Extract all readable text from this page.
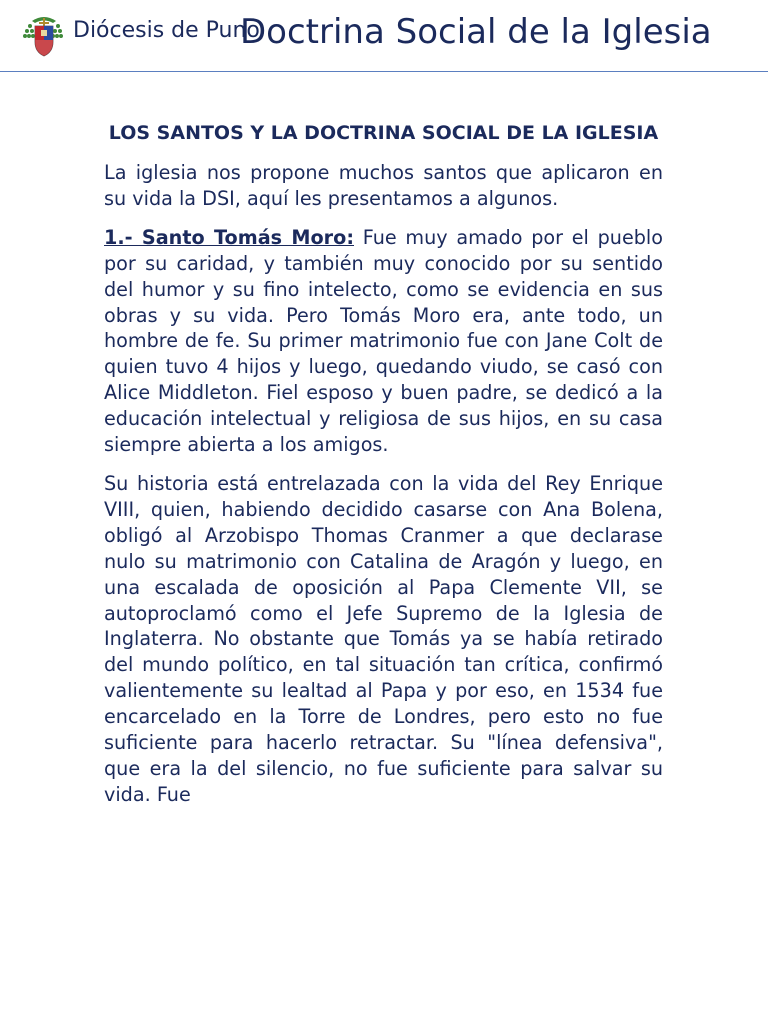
Diócesis de Puno
Doctrina Social de la Iglesia
LOS SANTOS Y LA DOCTRINA SOCIAL DE LA IGLESIA

La iglesia nos propone muchos santos que aplicaron en su vida la DSI, aquí les presentamos a algunos.

1.- Santo Tomás Moro: Fue muy amado por el pueblo por su caridad, y también muy conocido por su sentido del humor y su fino intelecto, como se evidencia en sus obras y su vida. Pero Tomás Moro era, ante todo, un hombre de fe. Su primer matrimonio fue con Jane Colt de quien tuvo 4 hijos y luego, quedando viudo, se casó con Alice Middleton. Fiel esposo y buen padre, se dedicó a la educación intelectual y religiosa de sus hijos, en su casa siempre abierta a los amigos.

Su historia está entrelazada con la vida del Rey Enrique VIII, quien, habiendo decidido casarse con Ana Bolena, obligó al Arzobispo Thomas Cranmer a que declarase nulo su matrimonio con Catalina de Aragón y luego, en una escalada de oposición al Papa Clemente VII, se autoproclamó como el Jefe Supremo de la Iglesia de Inglaterra. No obstante que Tomás ya se había retirado del mundo político, en tal situación tan crítica, confirmó valientemente su lealtad al Papa y por eso, en 1534 fue encarcelado en la Torre de Londres, pero esto no fue suficiente para hacerlo retractar. Su "línea defensiva", que era la del silencio, no fue suficiente para salvar su vida. Fue
